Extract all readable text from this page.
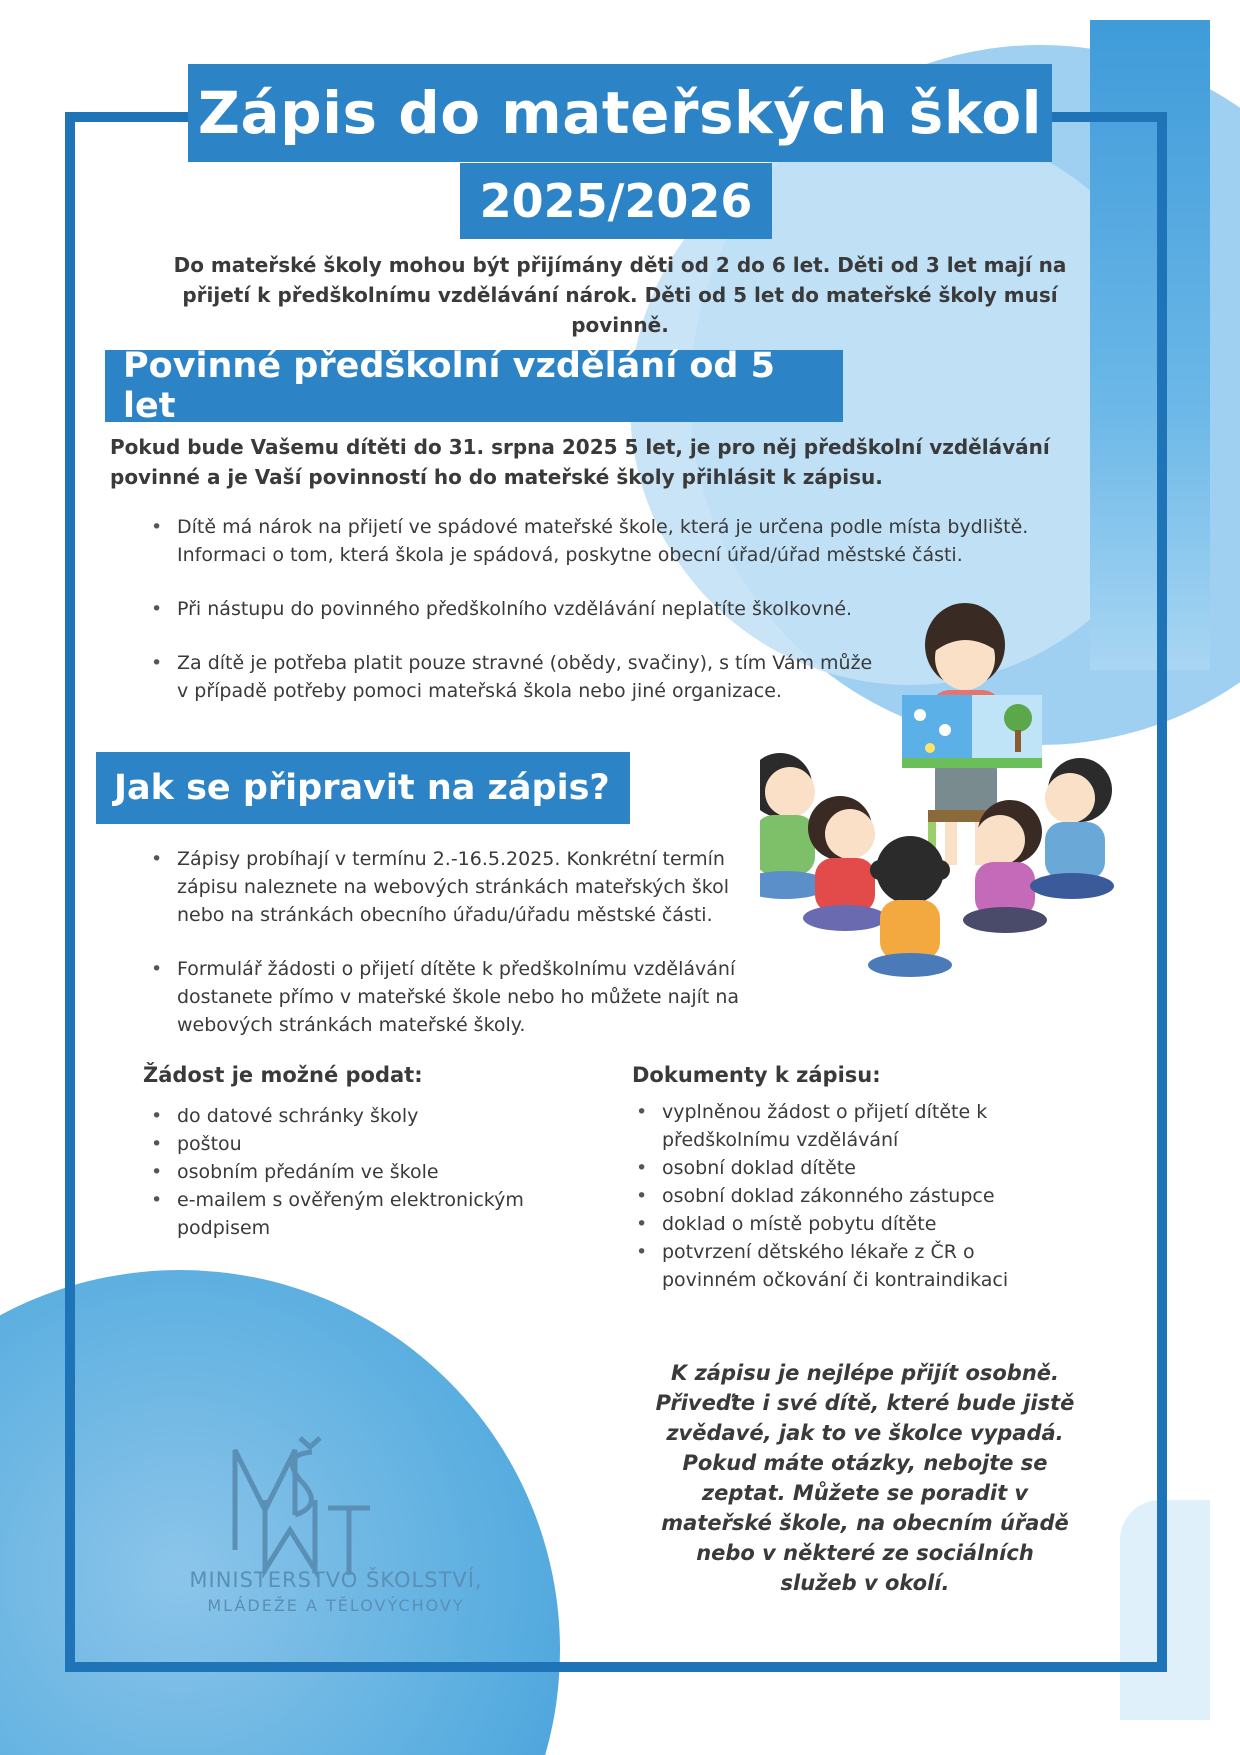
Zápis do mateřských škol
2025/2026
Do mateřské školy mohou být přijímány děti od 2 do 6 let. Děti od 3 let mají na přijetí k předškolnímu vzdělávání nárok. Děti od 5 let do mateřské školy musí povinně.
Povinné předškolní vzdělání od 5 let
Pokud bude Vašemu dítěti do 31. srpna 2025 5 let, je pro něj předškolní vzdělávání povinné a je Vaší povinností ho do mateřské školy přihlásit k zápisu.
• Dítě má nárok na přijetí ve spádové mateřské škole, která je určena podle místa bydliště. Informaci o tom, která škola je spádová, poskytne obecní úřad/úřad městské části.
• Při nástupu do povinného předškolního vzdělávání neplatíte školkovné.
• Za dítě je potřeba platit pouze stravné (obědy, svačiny), s tím Vám může v případě potřeby pomoci mateřská škola nebo jiné organizace.
Jak se připravit na zápis?
• Zápisy probíhají v termínu 2.-16.5.2025. Konkrétní termín zápisu naleznete na webových stránkách mateřských škol nebo na stránkách obecního úřadu/úřadu městské části.
• Formulář žádosti o přijetí dítěte k předškolnímu vzdělávání dostanete přímo v mateřské škole nebo ho můžete najít na webových stránkách mateřské školy.
Žádost je možné podat:
• do datové schránky školy
• poštou
• osobním předáním ve škole
• e-mailem s ověřeným elektronickým podpisem
Dokumenty k zápisu:
• vyplněnou žádost o přijetí dítěte k předškolnímu vzdělávání
• osobní doklad dítěte
• osobní doklad zákonného zástupce
• doklad o místě pobytu dítěte
• potvrzení dětského lékaře z ČR o povinném očkování či kontraindikaci
K zápisu je nejlépe přijít osobně. Přiveďte i své dítě, které bude jistě zvědavé, jak to ve školce vypadá. Pokud máte otázky, nebojte se zeptat. Můžete se poradit v mateřské škole, na obecním úřadě nebo v některé ze sociálních služeb v okolí.
MINISTERSTVO ŠKOLSTVÍ,
MLÁDEŽE A TĚLOVÝCHOVY
